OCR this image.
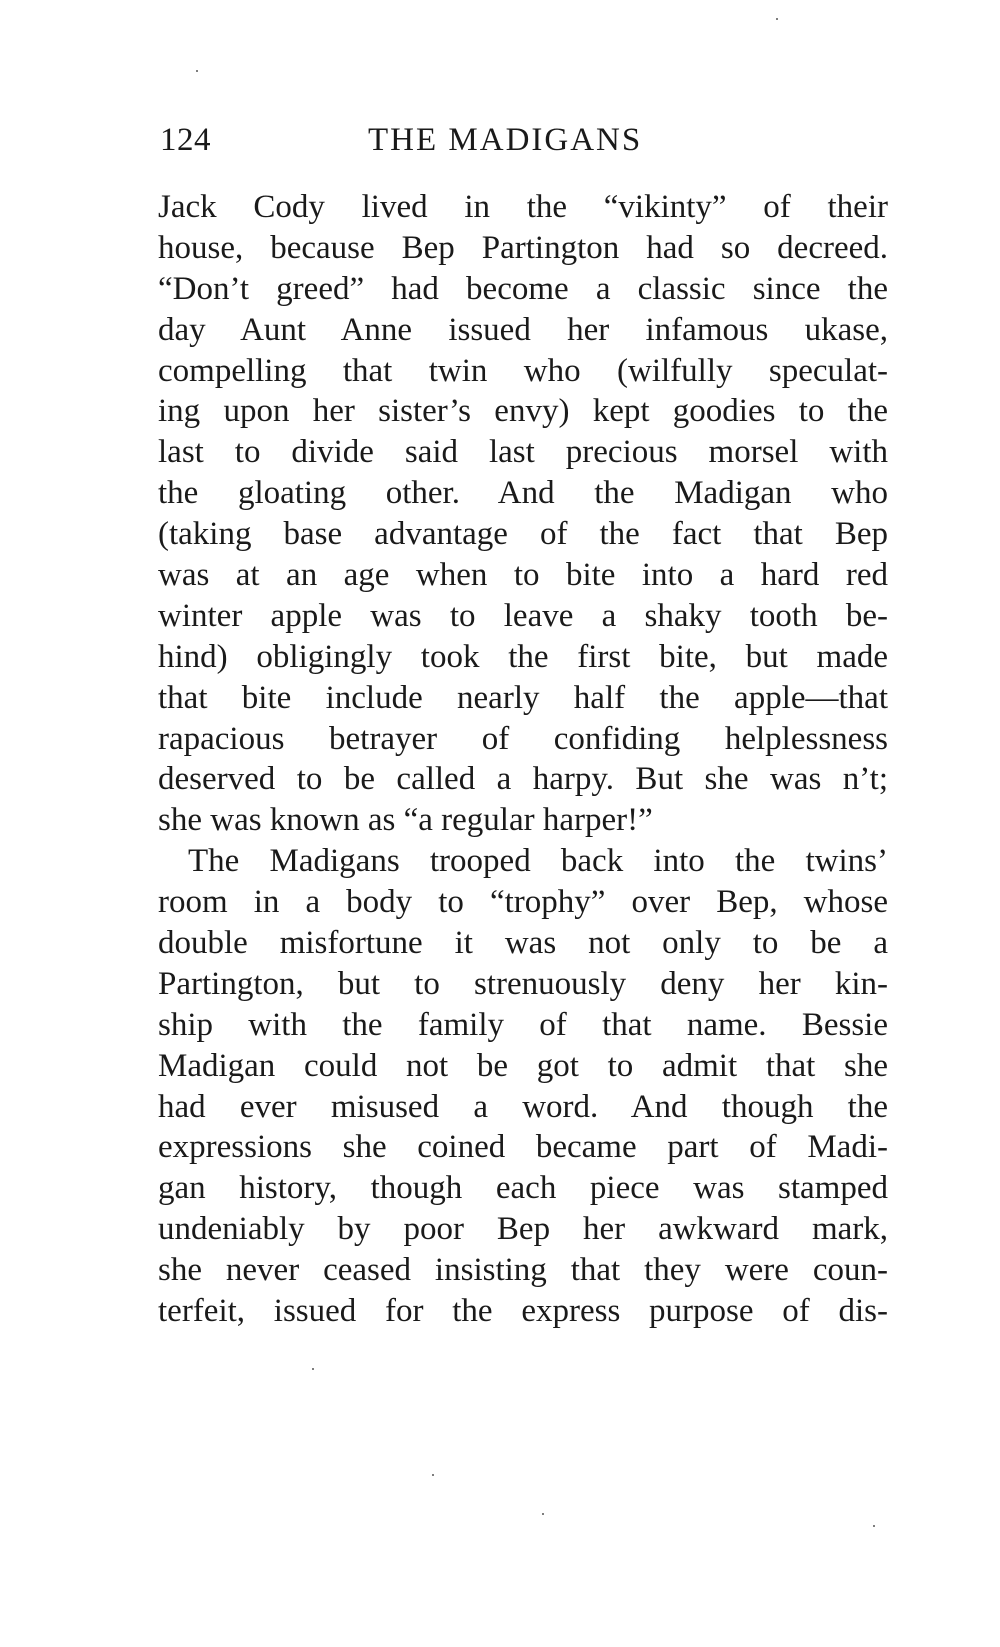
124	THE MADIGANS
Jack Cody lived in the “vikinty” of their
house, because Bep Partington had so decreed.
“Don’t greed” had become a classic since the
day Aunt Anne issued her infamous ukase,
compelling that twin who (wilfully speculat-
ing upon her sister’s envy) kept goodies to the
last to divide said last precious morsel with
the gloating other. And the Madigan who
(taking base advantage of the fact that Bep
was at an age when to bite into a hard red
winter apple was to leave a shaky tooth be-
hind) obligingly took the first bite, but made
that bite include nearly half the apple—that
rapacious betrayer of confiding helplessness
deserved to be called a harpy. But she was n’t;
she was known as “a regular harper!”
The Madigans trooped back into the twins’
room in a body to “trophy” over Bep, whose
double misfortune it was not only to be a
Partington, but to strenuously deny her kin-
ship with the family of that name. Bessie
Madigan could not be got to admit that she
had ever misused a word. And though the
expressions she coined became part of Madi-
gan history, though each piece was stamped
undeniably by poor Bep her awkward mark,
she never ceased insisting that they were coun-
terfeit, issued for the express purpose of dis-
